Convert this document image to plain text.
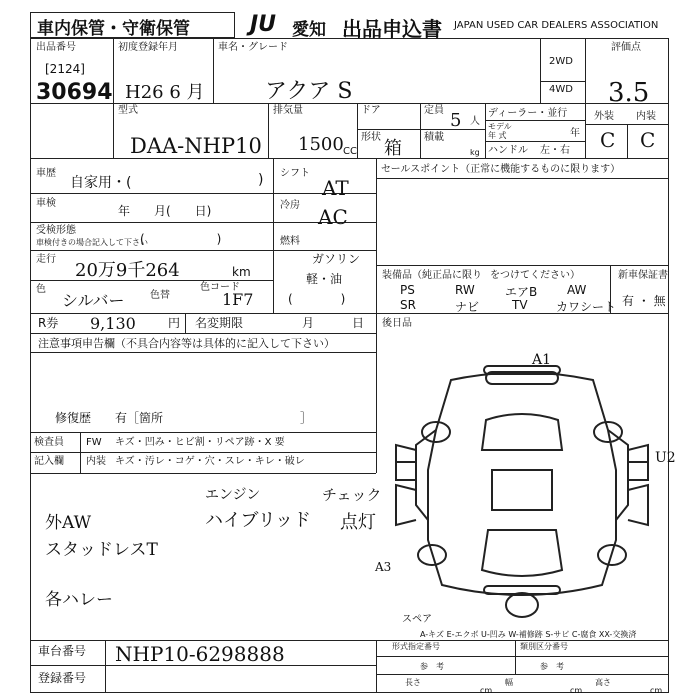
車内保管・守衛保管	JU 愛知 出品申込書 JAPAN USED CAR DEALERS ASSOCIATION
出品番号
[2124]
30694
初度登録年月
H26 6 月
車名・グレード
アクア S
2WD
4WD
評価点
3.5
型式
DAA-NHP10
排気量
1500 CC
ドア
形状
箱
定員 5 人
積載
kg
ディーラー・並行
モデル
年 式	年
ハンドル 左・右
外装 内装
C C
車歴
自家用・(	)
車検
年　　月(　　日)
受検形態
車検付きの場合記入して下さい
(　　　　　　)
走行
20万9千264	km
色
シルバー	色替
色コード
1F7
シフト
AT
冷房 AC
燃料
ガソリン
軽・油
(　　　　)
セールスポイント（正常に機能するものに限ります）
装備品（純正品に限り をつけてください）
PS	RW	エアB AW
SR	ナビ	TV カワシート
新車保証書
有 ・ 無
R券 9,130	円 名変期限	月	日 後日品
注意事項申告欄（不具合内容等は具体的に記入して下さい）
修復歴 有［箇所	］
検査員
記入欄
FW キズ・凹み・ヒビ割・リペア跡・X 要
内装 キズ・汚レ・コゲ・穴・スレ・キレ・破レ
エンジン	チェック
ハイブリッド 点灯
外AW
スタッドレスT
各ハレー
A1
U2
A3
スペア
A-キズ E-エクボ U-凹み W-補修跡 S-サビ C-腐食 XX-交換済
車台番号 NHP10-6298888
登録番号
形式指定番号	類別区分番号
参　考	参　考
長さ	幅	高さ
cm	cm	cm
